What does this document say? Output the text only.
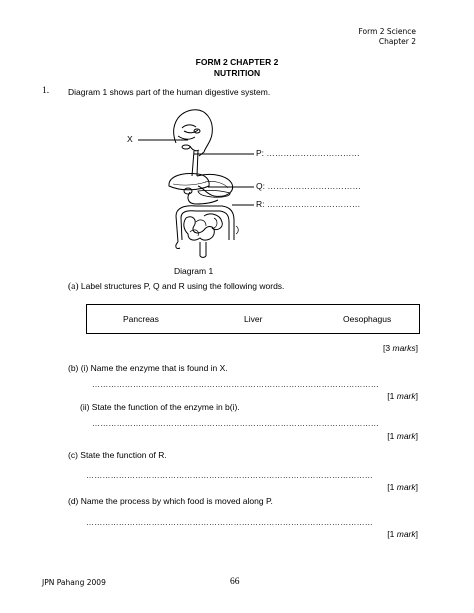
Form 2 Science

Chapter 2

FORM 2 CHAPTER 2

NUTRITION

1. Diagram 1 shows part of the human digestive system.

X

P: ……………………………

Q: ……………………………

R: ……………………………

Diagram 1

(a) Label structures P, Q and R using the following words.

Pancreas	Liver	Oesophagus

[3 marks]

(b) (i) Name the enzyme that is found in X.

……………………………………………………………………………………………

[1 mark]

(ii) State the function of the enzyme in b(i).

……………………………………………………………………………………………

[1 mark]

(c) State the function of R.

……………………………………………………………………………………………

[1 mark]

(d) Name the process by which food is moved along P.

……………………………………………………………………………………………

[1 mark]

JPN Pahang 2009	66
